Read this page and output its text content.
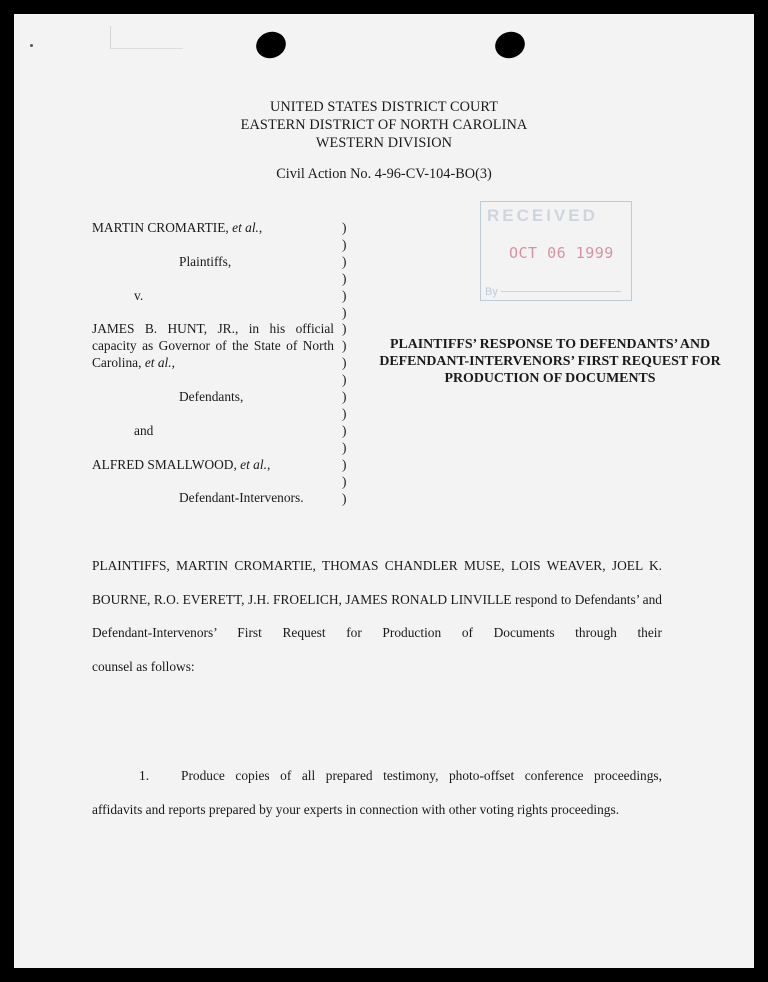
UNITED STATES DISTRICT COURT
EASTERN DISTRICT OF NORTH CAROLINA
WESTERN DIVISION
Civil Action No. 4-96-CV-104-BO(3)
MARTIN CROMARTIE, et al.,
Plaintiffs,
v.
JAMES B. HUNT, JR., in his official capacity as Governor of the State of North Carolina, et al.,
Defendants,
and
ALFRED SMALLWOOD, et al.,
Defendant-Intervenors.
)
)
)
)
)
)
)
)
)
)
)
)
)
)
)
)
)
RECEIVED
OCT 06 1999
By
PLAINTIFFS’ RESPONSE TO DEFENDANTS’ AND DEFENDANT-INTERVENORS’ FIRST REQUEST FOR PRODUCTION OF DOCUMENTS
PLAINTIFFS, MARTIN CROMARTIE, THOMAS CHANDLER MUSE, LOIS WEAVER, JOEL K. BOURNE, R.O. EVERETT, J.H. FROELICH, JAMES RONALD LINVILLE respond to Defendants’ and Defendant-Intervenors’ First Request for Production of Documents through their
counsel as follows:
1. Produce copies of all prepared testimony, photo-offset conference proceedings,
affidavits and reports prepared by your experts in connection with other voting rights proceedings.
